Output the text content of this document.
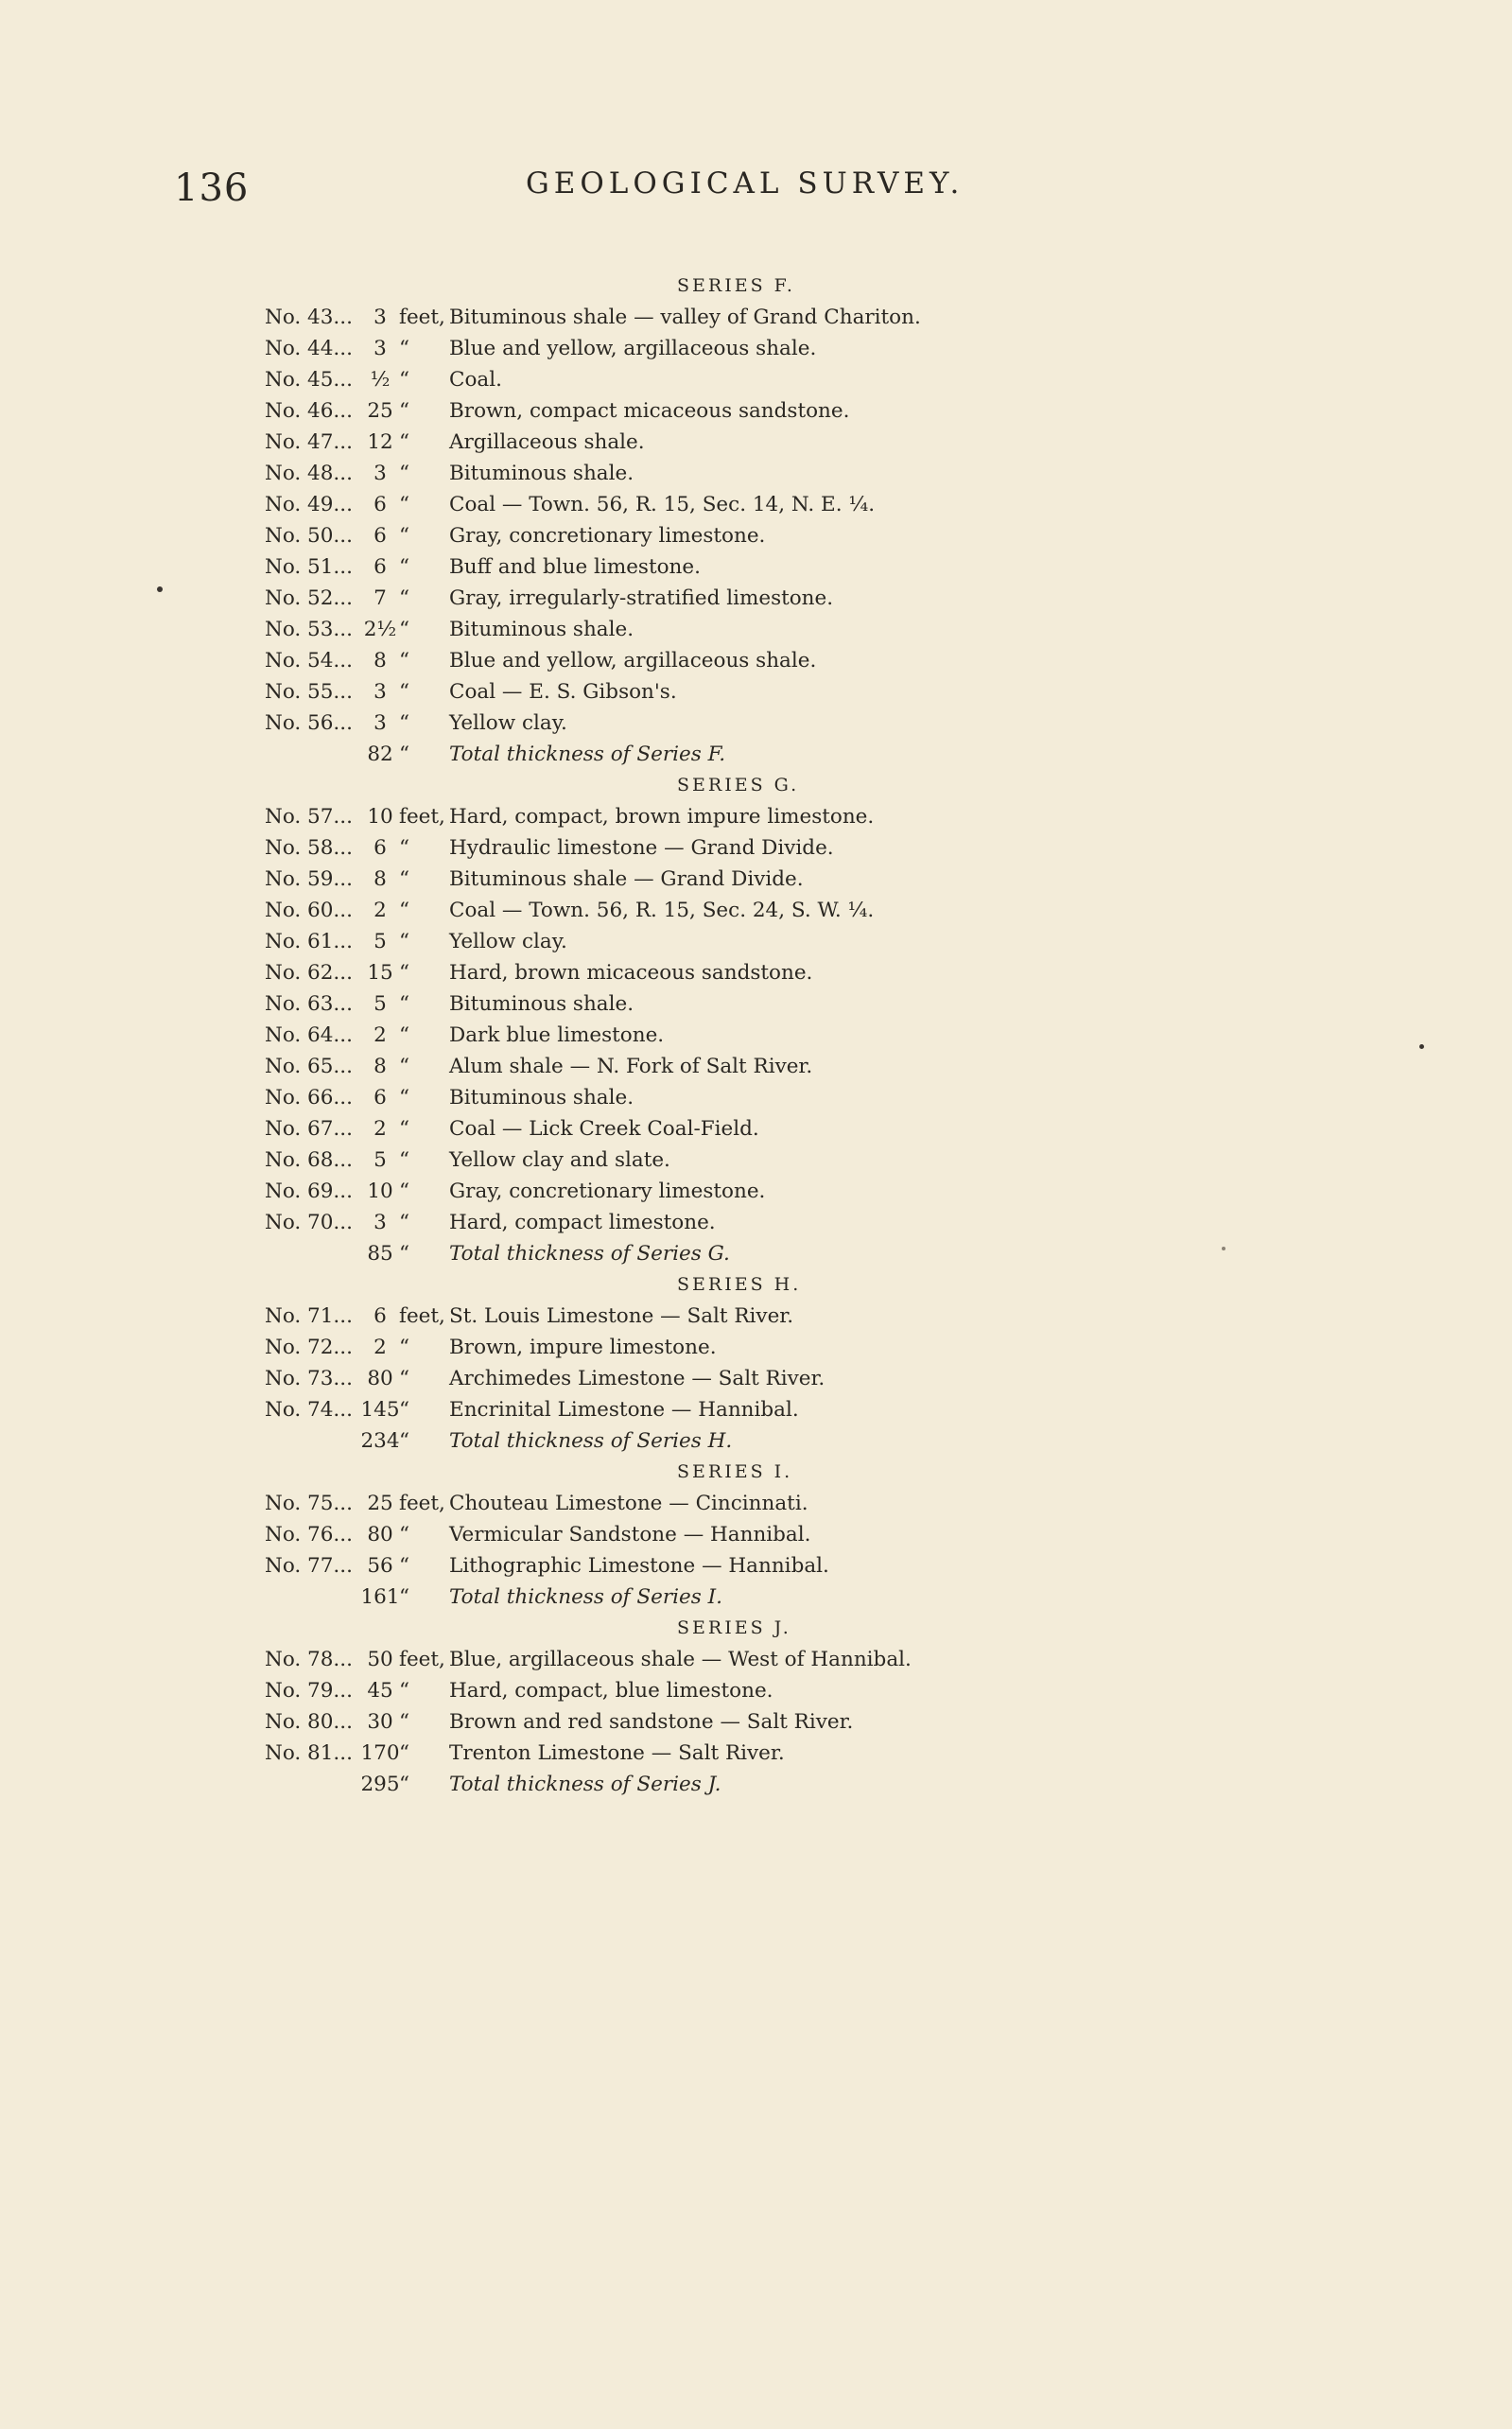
136	GEOLOGICAL SURVEY.
SERIES F.
No. 43...	3 feet, Bituminous shale — valley of Grand Chariton.
No. 44...	3 “ Blue and yellow, argillaceous shale.
No. 45... ½ “ Coal.
No. 46... 25 “ Brown, compact micaceous sandstone.
No. 47... 12 “ Argillaceous shale.
No. 48...	3 “ Bituminous shale.
No. 49...	6 “ Coal — Town. 56, R. 15, Sec. 14, N. E. ¼.
No. 50...	6 “ Gray, concretionary limestone.
No. 51...	6 “ Buff and blue limestone.
No. 52...	7 “ Gray, irregularly-stratified limestone.
No. 53... 2½ “ Bituminous shale.
No. 54...	8 “ Blue and yellow, argillaceous shale.
No. 55...	3 “ Coal — E. S. Gibson's.
No. 56...	3 “ Yellow clay.
82 “ Total thickness of Series F.
SERIES G.
No. 57... 10 feet, Hard, compact, brown impure limestone.
No. 58...	6 “ Hydraulic limestone — Grand Divide.
No. 59...	8 “ Bituminous shale — Grand Divide.
No. 60...	2 “ Coal — Town. 56, R. 15, Sec. 24, S. W. ¼.
No. 61...	5 “ Yellow clay.
No. 62... 15 “ Hard, brown micaceous sandstone.
No. 63...	5 “ Bituminous shale.
No. 64...	2 “ Dark blue limestone.
No. 65...	8 “ Alum shale — N. Fork of Salt River.
No. 66...	6 “ Bituminous shale.
No. 67...	2 “ Coal — Lick Creek Coal-Field.
No. 68...	5 “ Yellow clay and slate.
No. 69... 10 “ Gray, concretionary limestone.
No. 70...	3 “ Hard, compact limestone.
85 “ Total thickness of Series G.
SERIES H.
No. 71...	6 feet, St. Louis Limestone — Salt River.
No. 72...	2 “ Brown, impure limestone.
No. 73... 80 “ Archimedes Limestone — Salt River.
No. 74... 145 “ Encrinital Limestone — Hannibal.
234 “ Total thickness of Series H.
SERIES I.
No. 75... 25 feet, Chouteau Limestone — Cincinnati.
No. 76... 80 “ Vermicular Sandstone — Hannibal.
No. 77... 56 “ Lithographic Limestone — Hannibal.
161 “ Total thickness of Series I.
SERIES J.
No. 78... 50 feet, Blue, argillaceous shale — West of Hannibal.
No. 79... 45 “ Hard, compact, blue limestone.
No. 80... 30 “ Brown and red sandstone — Salt River.
No. 81... 170 “ Trenton Limestone — Salt River.
295 “ Total thickness of Series J.
